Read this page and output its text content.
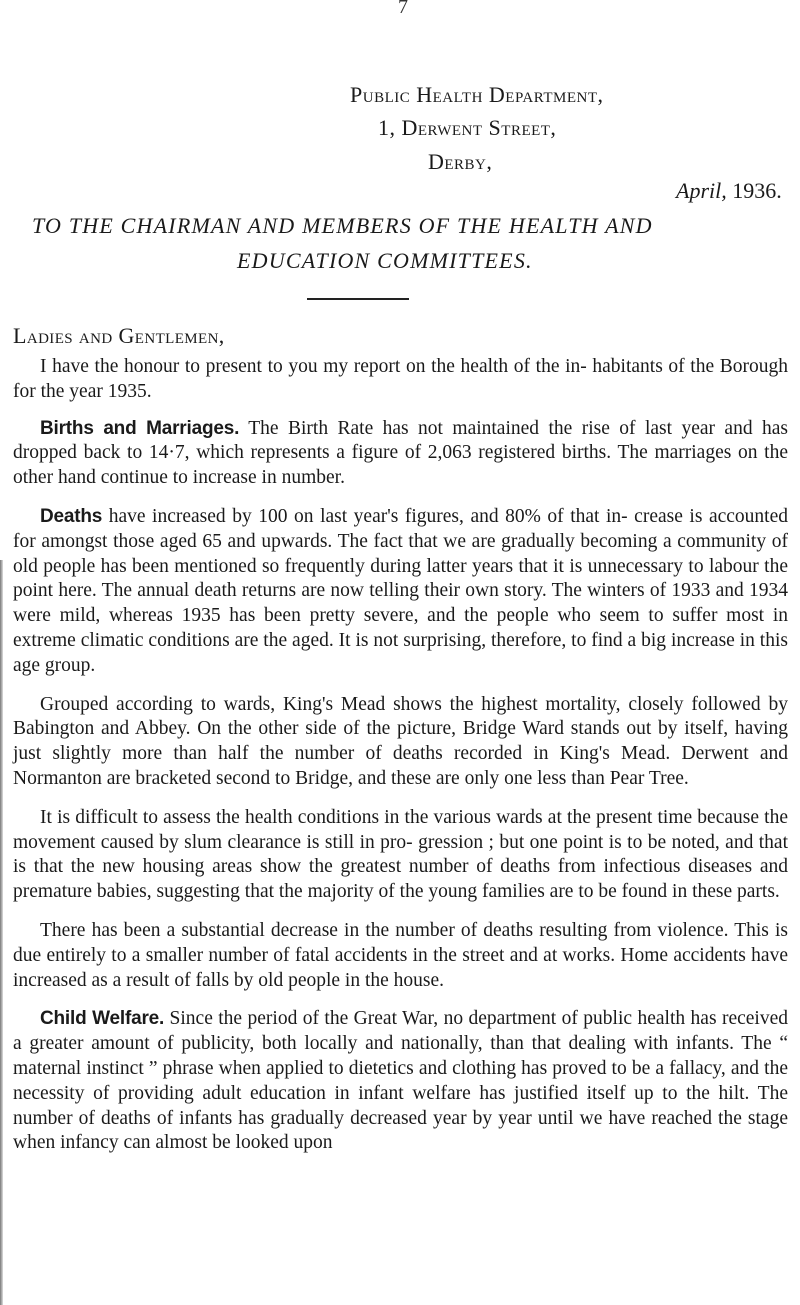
7
Public Health Department,
1, Derwent Street,
Derby,
April, 1936.
TO THE CHAIRMAN AND MEMBERS OF THE HEALTH AND
EDUCATION COMMITTEES.
Ladies and Gentlemen,

I have the honour to present to you my report on the health of the in- habitants of the Borough for the year 1935.

Births and Marriages. The Birth Rate has not maintained the rise of last year and has dropped back to 14·7, which represents a figure of 2,063 registered births. The marriages on the other hand continue to increase in number.

Deaths have increased by 100 on last year's figures, and 80% of that in- crease is accounted for amongst those aged 65 and upwards. The fact that we are gradually becoming a community of old people has been mentioned so frequently during latter years that it is unnecessary to labour the point here. The annual death returns are now telling their own story. The winters of 1933 and 1934 were mild, whereas 1935 has been pretty severe, and the people who seem to suffer most in extreme climatic conditions are the aged. It is not surprising, therefore, to find a big increase in this age group.

Grouped according to wards, King's Mead shows the highest mortality, closely followed by Babington and Abbey. On the other side of the picture, Bridge Ward stands out by itself, having just slightly more than half the number of deaths recorded in King's Mead. Derwent and Normanton are bracketed second to Bridge, and these are only one less than Pear Tree.

It is difficult to assess the health conditions in the various wards at the present time because the movement caused by slum clearance is still in pro- gression ; but one point is to be noted, and that is that the new housing areas show the greatest number of deaths from infectious diseases and premature babies, suggesting that the majority of the young families are to be found in these parts.

There has been a substantial decrease in the number of deaths resulting from violence. This is due entirely to a smaller number of fatal accidents in the street and at works. Home accidents have increased as a result of falls by old people in the house.

Child Welfare. Since the period of the Great War, no department of public health has received a greater amount of publicity, both locally and nationally, than that dealing with infants. The “ maternal instinct ” phrase when applied to dietetics and clothing has proved to be a fallacy, and the necessity of providing adult education in infant welfare has justified itself up to the hilt. The number of deaths of infants has gradually decreased year by year until we have reached the stage when infancy can almost be looked upon
